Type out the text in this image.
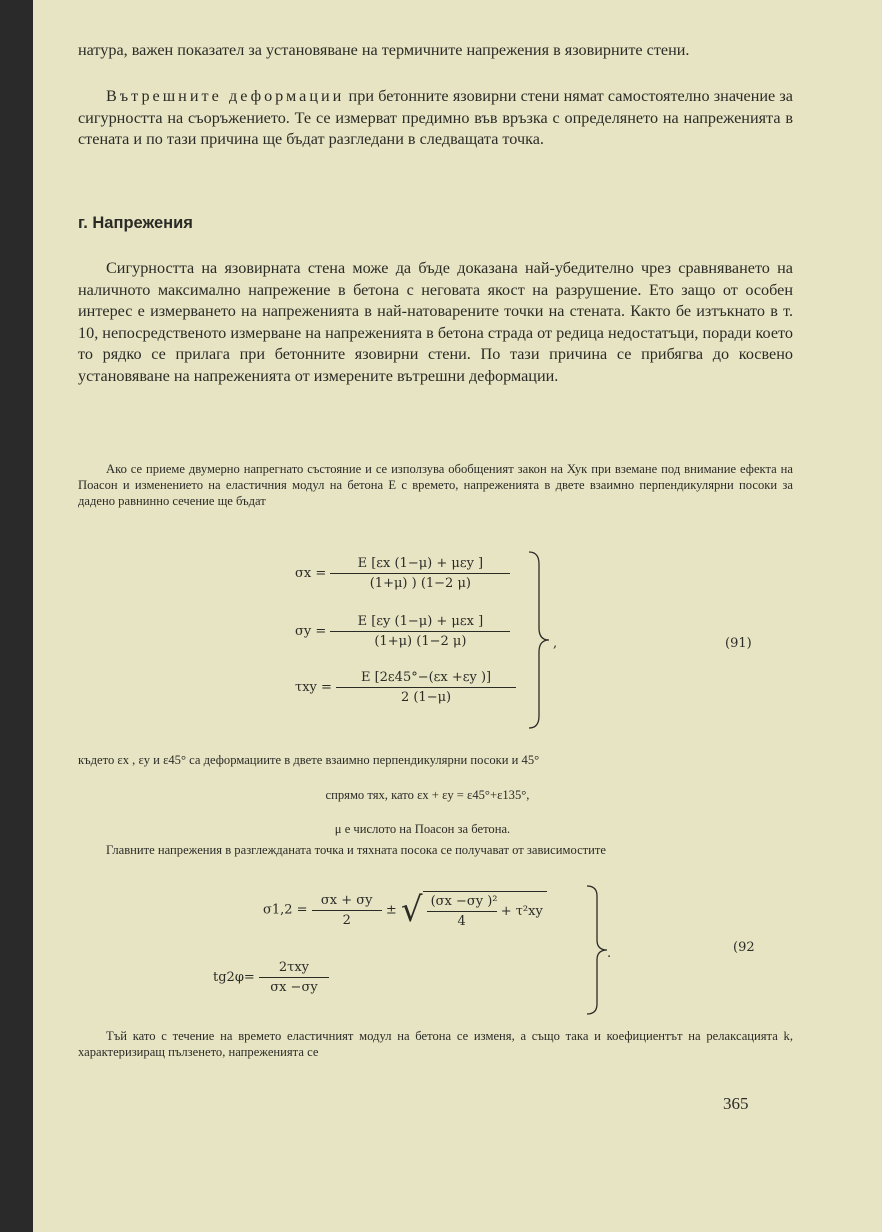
натура, важен показател за установяване на термичните напрежения в язовирните стени.

Вътрешните деформации при бетонните язовирни стени нямат самостоятелно значение за сигурността на съоръжението. Те се измерват предимно във връзка с определянето на напреженията в стената и по тази причина ще бъдат разгледани в следващата точка.

г. Напрежения

Сигурността на язовирната стена може да бъде доказана най-убедително чрез сравняването на наличното максимално напрежение в бетона с неговата якост на разрушение. Ето защо от особен интерес е измерването на напреженията в най-натоварените точки на стената. Както бе изтъкнато в т. 10, непосредственото измерване на напреженията в бетона страда от редица недостатъци, поради което то рядко се прилага при бетонните язовирни стени. По тази причина се прибягва до косвено установяване на напреженията от измерените вътрешни деформации.

Ако се приеме двумерно напрегнато състояние и се използува обобщеният закон на Хук при вземане под внимание ефекта на Поасон и изменението на еластичния модул на бетона E с времето, напреженията в двете взаимно перпендикулярни посоки за дадено равнинно сечение ще бъдат

$\sigma x = \frac{\text{E [εx (1−μ) + μεy ]}}{(1+\mu) ) (1-2 \mu)}$
$\sigma y = \frac{\text{E [εy (1−μ) + μεx ]}}{(1+\mu) (1-2 \mu)}$
$\tau xy = \frac{E [2\varepsilon 45^\circ-(\varepsilon x +\varepsilon y )]}{2 (1-\mu)}$
,	(91)

където εx , εy и ε45° са деформациите в двете взаимно перпендикулярни посоки и 45°

спрямо тях, като εx + εy = ε45°+ε135°,
μ е числото на Поасон за бетона.

Главните напрежения в разглежданата точка и тяхната посока се получават от зависимостите

$\sigma 1,2 = \frac{\sigma x + \sigma y}{2}$ ± √ $\frac{\text{(σx −σy )²}}{4} + \tau^2xy$
$tg2\varphi= \frac{\text{2τxy}}{\sigma x -\sigma y}$
.	(92

Тъй като с течение на времето еластичният модул на бетона се изменя, а също така и коефициентът на релаксацията k, характеризиращ пълзенето, напреженията се

365
